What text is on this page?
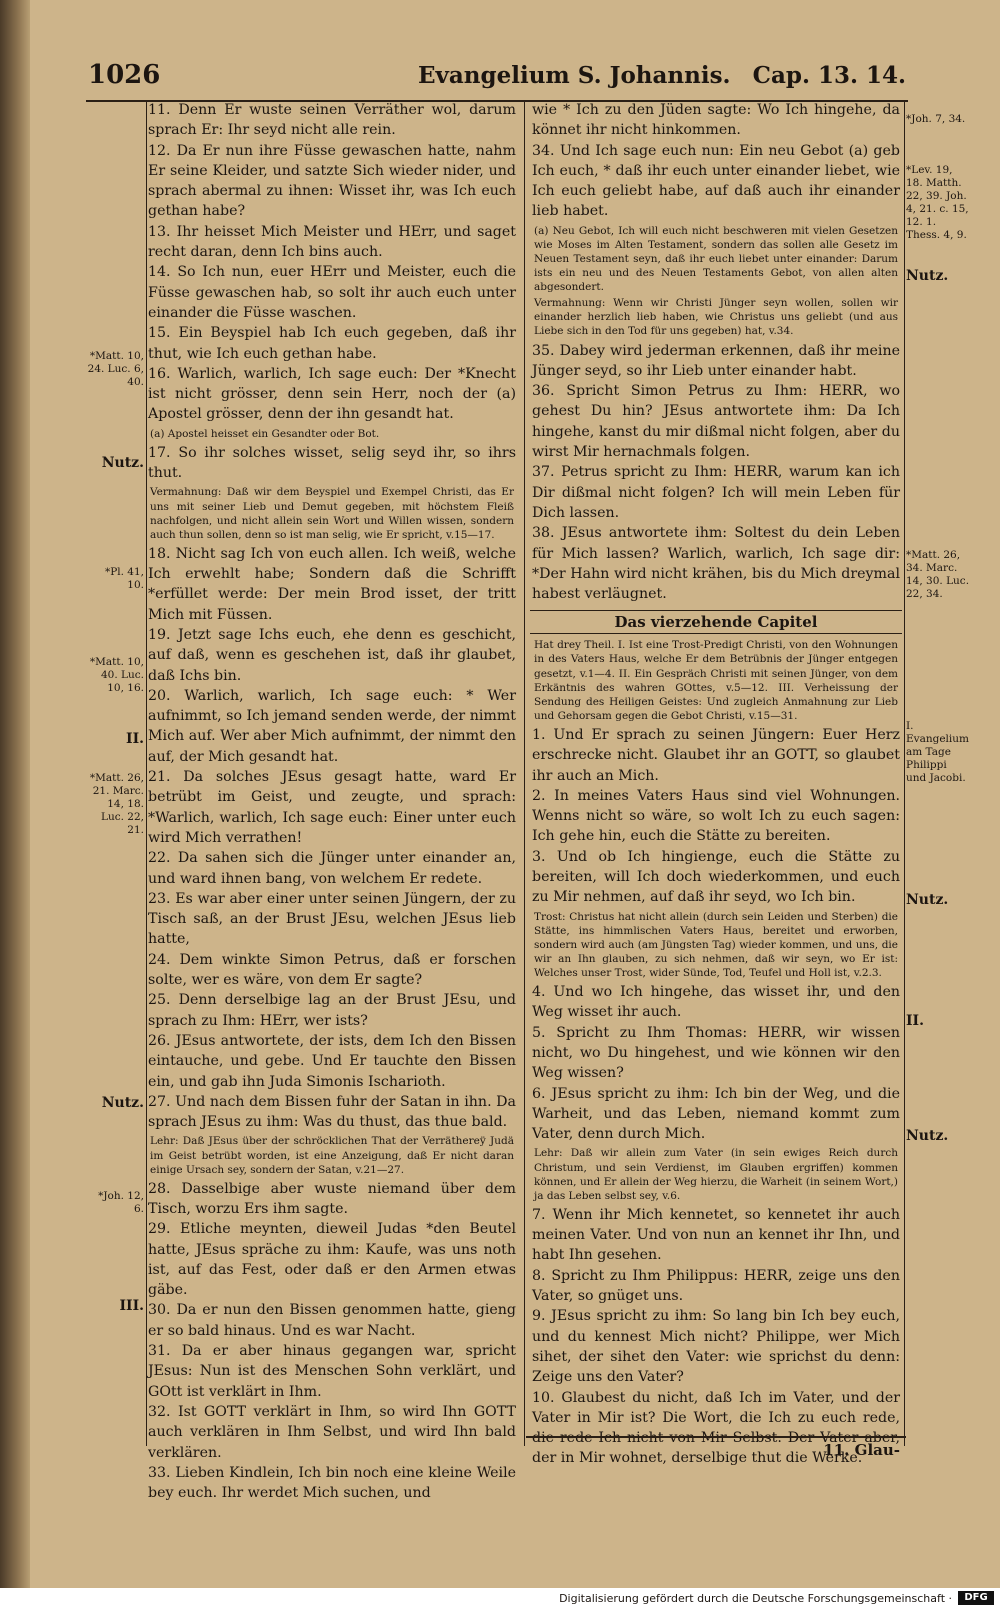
1026	Evangelium S. Johannis. Cap. 13. 14.

11. Denn Er wuste seinen Verräther wol, darum sprach Er: Ihr seyd nicht alle rein.

12. Da Er nun ihre Füsse gewaschen hatte, nahm Er seine Kleider, und satzte Sich wieder nider, und sprach abermal zu ihnen: Wisset ihr, was Ich euch gethan habe?

13. Ihr heisset Mich Meister und HErr, und saget recht daran, denn Ich bins auch.

14. So Ich nun, euer HErr und Meister, euch die Füsse gewaschen hab, so solt ihr auch euch unter einander die Füsse waschen.

15. Ein Beyspiel hab Ich euch gegeben, daß ihr thut, wie Ich euch gethan habe.

16. Warlich, warlich, Ich sage euch: Der *Knecht ist nicht grösser, denn sein Herr, noch der (a) Apostel grösser, denn der ihn gesandt hat.

(a) Apostel heisset ein Gesandter oder Bot.

17. So ihr solches wisset, selig seyd ihr, so ihrs thut.

Vermahnung: Daß wir dem Beyspiel und Exempel Christi, das Er uns mit seiner Lieb und Demut gegeben, mit höchstem Fleiß nachfolgen, und nicht allein sein Wort und Willen wissen, sondern auch thun sollen, denn so ist man selig, wie Er spricht, v.15—17.

18. Nicht sag Ich von euch allen. Ich weiß, welche Ich erwehlt habe; Sondern daß die Schrifft *erfüllet werde: Der mein Brod isset, der tritt Mich mit Füssen.

19. Jetzt sage Ichs euch, ehe denn es geschicht, auf daß, wenn es geschehen ist, daß ihr glaubet, daß Ichs bin.

20. Warlich, warlich, Ich sage euch: * Wer aufnimmt, so Ich jemand senden werde, der nimmt Mich auf. Wer aber Mich aufnimmt, der nimmt den auf, der Mich gesandt hat.

21. Da solches JEsus gesagt hatte, ward Er betrübt im Geist, und zeugte, und sprach: *Warlich, warlich, Ich sage euch: Einer unter euch wird Mich verrathen!

22. Da sahen sich die Jünger unter einander an, und ward ihnen bang, von welchem Er redete.

23. Es war aber einer unter seinen Jüngern, der zu Tisch saß, an der Brust JEsu, welchen JEsus lieb hatte,

24. Dem winkte Simon Petrus, daß er forschen solte, wer es wäre, von dem Er sagte?

25. Denn derselbige lag an der Brust JEsu, und sprach zu Ihm: HErr, wer ists?

26. JEsus antwortete, der ists, dem Ich den Bissen eintauche, und gebe. Und Er tauchte den Bissen ein, und gab ihn Juda Simonis Ischarioth.

27. Und nach dem Bissen fuhr der Satan in ihn. Da sprach JEsus zu ihm: Was du thust, das thue bald.

Lehr: Daß JEsus über der schröcklichen That der Verräthereÿ Judä im Geist betrübt worden, ist eine Anzeigung, daß Er nicht daran einige Ursach sey, sondern der Satan, v.21—27.

28. Dasselbige aber wuste niemand über dem Tisch, worzu Ers ihm sagte.

29. Etliche meynten, dieweil Judas *den Beutel hatte, JEsus spräche zu ihm: Kaufe, was uns noth ist, auf das Fest, oder daß er den Armen etwas gäbe.

30. Da er nun den Bissen genommen hatte, gieng er so bald hinaus. Und es war Nacht.

31. Da er aber hinaus gegangen war, spricht JEsus: Nun ist des Menschen Sohn verklärt, und GOtt ist verklärt in Ihm.

32. Ist GOTT verklärt in Ihm, so wird Ihn GOTT auch verklären in Ihm Selbst, und wird Ihn bald verklären.

33. Lieben Kindlein, Ich bin noch eine kleine Weile bey euch. Ihr werdet Mich suchen, und

wie * Ich zu den Jüden sagte: Wo Ich hingehe, da könnet ihr nicht hinkommen.

34. Und Ich sage euch nun: Ein neu Gebot (a) geb Ich euch, * daß ihr euch unter einander liebet, wie Ich euch geliebt habe, auf daß auch ihr einander lieb habet.

(a) Neu Gebot, Ich will euch nicht beschweren mit vielen Gesetzen wie Moses im Alten Testament, sondern das sollen alle Gesetz im Neuen Testament seyn, daß ihr euch liebet unter einander: Darum ists ein neu und des Neuen Testaments Gebot, von allen alten abgesondert.

Vermahnung: Wenn wir Christi Jünger seyn wollen, sollen wir einander herzlich lieb haben, wie Christus uns geliebt (und aus Liebe sich in den Tod für uns gegeben) hat, v.34.

35. Dabey wird jederman erkennen, daß ihr meine Jünger seyd, so ihr Lieb unter einander habt.

36. Spricht Simon Petrus zu Ihm: HERR, wo gehest Du hin? JEsus antwortete ihm: Da Ich hingehe, kanst du mir dißmal nicht folgen, aber du wirst Mir hernachmals folgen.

37. Petrus spricht zu Ihm: HERR, warum kan ich Dir dißmal nicht folgen? Ich will mein Leben für Dich lassen.

38. JEsus antwortete ihm: Soltest du dein Leben für Mich lassen? Warlich, warlich, Ich sage dir: *Der Hahn wird nicht krähen, bis du Mich dreymal habest verläugnet.

Das vierzehende Capitel

Hat drey Theil. I. Ist eine Trost-Predigt Christi, von den Wohnungen in des Vaters Haus, welche Er dem Betrübnis der Jünger entgegen gesetzt, v.1—4. II. Ein Gespräch Christi mit seinen Jünger, von dem Erkäntnis des wahren GOttes, v.5—12. III. Verheissung der Sendung des Heiligen Geistes: Und zugleich Anmahnung zur Lieb und Gehorsam gegen die Gebot Christi, v.15—31.

1. Und Er sprach zu seinen Jüngern: Euer Herz erschrecke nicht. Glaubet ihr an GOTT, so glaubet ihr auch an Mich.

2. In meines Vaters Haus sind viel Wohnungen. Wenns nicht so wäre, so wolt Ich zu euch sagen: Ich gehe hin, euch die Stätte zu bereiten.

3. Und ob Ich hingienge, euch die Stätte zu bereiten, will Ich doch wiederkommen, und euch zu Mir nehmen, auf daß ihr seyd, wo Ich bin.

Trost: Christus hat nicht allein (durch sein Leiden und Sterben) die Stätte, ins himmlischen Vaters Haus, bereitet und erworben, sondern wird auch (am Jüngsten Tag) wieder kommen, und uns, die wir an Ihn glauben, zu sich nehmen, daß wir seyn, wo Er ist: Welches unser Trost, wider Sünde, Tod, Teufel und Holl ist, v.2.3.

4. Und wo Ich hingehe, das wisset ihr, und den Weg wisset ihr auch.

5. Spricht zu Ihm Thomas: HERR, wir wissen nicht, wo Du hingehest, und wie können wir den Weg wissen?

6. JEsus spricht zu ihm: Ich bin der Weg, und die Warheit, und das Leben, niemand kommt zum Vater, denn durch Mich.

Lehr: Daß wir allein zum Vater (in sein ewiges Reich durch Christum, und sein Verdienst, im Glauben ergriffen) kommen können, und Er allein der Weg hierzu, die Warheit (in seinem Wort,) ja das Leben selbst sey, v.6.

7. Wenn ihr Mich kennetet, so kennetet ihr auch meinen Vater. Und von nun an kennet ihr Ihn, und habt Ihn gesehen.

8. Spricht zu Ihm Philippus: HERR, zeige uns den Vater, so gnüget uns.

9. JEsus spricht zu ihm: So lang bin Ich bey euch, und du kennest Mich nicht? Philippe, wer Mich sihet, der sihet den Vater: wie sprichst du denn: Zeige uns den Vater?

10. Glaubest du nicht, daß Ich im Vater, und der Vater in Mir ist? Die Wort, die Ich zu euch rede, die rede Ich nicht von Mir Selbst. Der Vater aber, der in Mir wohnet, derselbige thut die Werke.

*Matt. 10, 24. Luc. 6, 40.
Nutz.
*Pl. 41, 10.
*Matt. 10, 40. Luc. 10, 16.
II.
*Matt. 26, 21. Marc. 14, 18. Luc. 22, 21.
Nutz.
*Joh. 12, 6.
III.
*Joh. 7, 34.
*Lev. 19, 18. Matth. 22, 39. Joh. 4, 21. c. 15, 12. 1. Thess. 4, 9.
Nutz.
*Matt. 26, 34. Marc. 14, 30. Luc. 22, 34.
I. Evangelium am Tage Philippi und Jacobi.
Nutz.
II.
Nutz.
11. Glau-
Digitalisierung gefördert durch die Deutsche Forschungsgemeinschaft ·	DFG
